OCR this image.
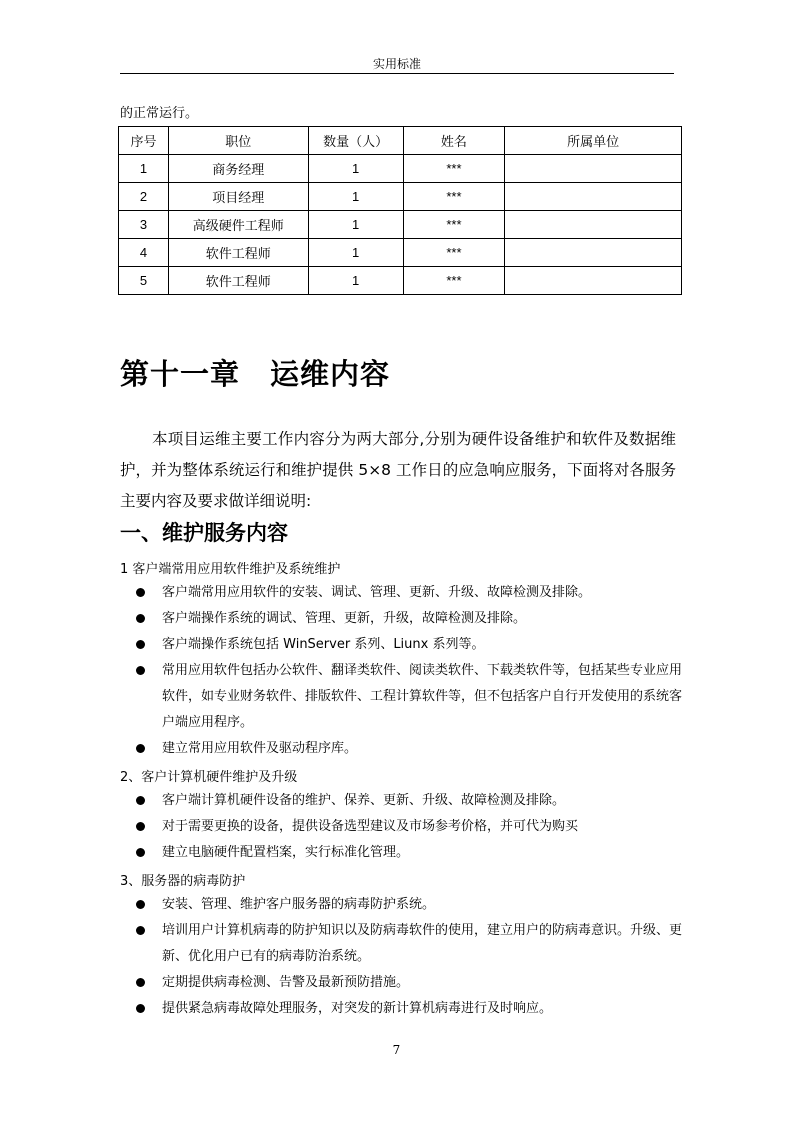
实用标准
的正常运行。
序号	职位	数量（人）	姓名	所属单位
1	商务经理	1	***	
2	项目经理	1	***	
3	高级硬件工程师	1	***	
4	软件工程师	1	***	
5	软件工程师	1	***	
第十一章 运维内容
本项目运维主要工作内容分为两大部分,分别为硬件设备维护和软件及数据维护，并为整体系统运行和维护提供 5×8 工作日的应急响应服务，下面将对各服务主要内容及要求做详细说明:
一、维护服务内容
1 客户端常用应用软件维护及系统维护
客户端常用应用软件的安装、调试、管理、更新、升级、故障检测及排除。
客户端操作系统的调试、管理、更新，升级，故障检测及排除。
客户端操作系统包括 WinServer 系列、Liunx 系列等。
常用应用软件包括办公软件、翻译类软件、阅读类软件、下载类软件等，包括某些专业应用软件，如专业财务软件、排版软件、工程计算软件等，但不包括客户自行开发使用的系统客户端应用程序。
建立常用应用软件及驱动程序库。
2、客户计算机硬件维护及升级
客户端计算机硬件设备的维护、保养、更新、升级、故障检测及排除。
对于需要更换的设备，提供设备选型建议及市场参考价格，并可代为购买
建立电脑硬件配置档案，实行标准化管理。
3、服务器的病毒防护
安装、管理、维护客户服务器的病毒防护系统。
培训用户计算机病毒的防护知识以及防病毒软件的使用，建立用户的防病毒意识。升级、更新、优化用户已有的病毒防治系统。
定期提供病毒检测、告警及最新预防措施。
提供紧急病毒故障处理服务，对突发的新计算机病毒进行及时响应。
7
